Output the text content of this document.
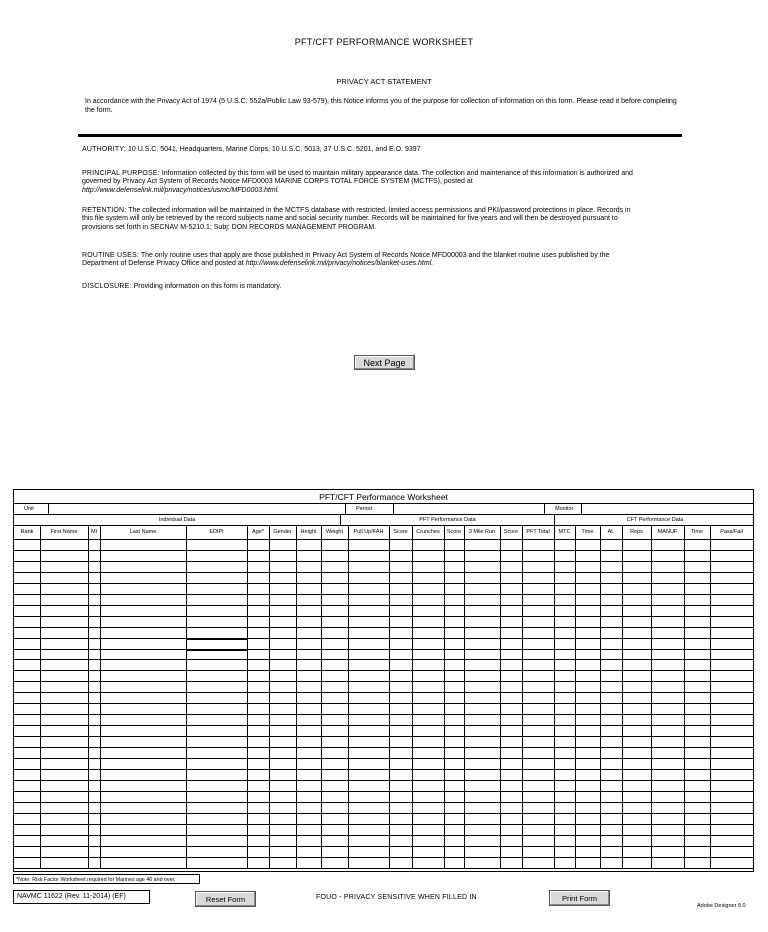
PFT/CFT PERFORMANCE WORKSHEET
PRIVACY ACT STATEMENT
In accordance with the Privacy Act of 1974 (5 U.S.C. 552a/Public Law 93-579), this Notice informs you of the purpose for collection of information on this form. Please read it before completing the form.
AUTHORITY: 10 U.S.C. 5041, Headquarters, Marine Corps, 10 U.S.C. 5013, 37 U.S.C. 5201, and E.O. 9397
PRINCIPAL PURPOSE: Information collected by this form will be used to maintain military appearance data. The collection and maintenance of this information is authorized and governed by Privacy Act System of Records Notice MFD0003 MARINE CORPS TOTAL FORCE SYSTEM (MCTFS), posted at http://www.defenselink.mil/privacy/notices/usmc/MFD0003.html.
RETENTION: The collected information will be maintained in the MCTFS database with restricted, limited access permissions and PKI/password protections in place. Records in this file system will only be retrieved by the record subjects name and social security number. Records will be maintained for five years and will then be destroyed pursuant to provisions set forth in SECNAV M-5210.1; Subj: DON RECORDS MANAGEMENT PROGRAM.
ROUTINE USES: The only routine uses that apply are those published in Privacy Act System of Records Notice MFD00003 and the blanket routine uses published by the Department of Defense Privacy Office and posted at http://www.defenselink.mil/privacy/notices/blanket-uses.html.
DISCLOSURE: Providing information on this form is mandatory.
Next Page
PFT/CFT Performance Worksheet
Unit	Period	Monitor
Individual Data	PFT Performance Data	CFT Performance Data
Rank	First Name	MI	Last Name	EDIPI	Age*	Gender	Height	Weight	Pull Up/FAH	Score	Crunches	Score	3 Mile Run	Score	PFT Total	MTC	Time	AL	Reps	MANUF	Time	Pass/Fail
*Note: Risk Factor Worksheet required for Marines age 46 and over.
NAVMC 11622 (Rev. 11-2014) (EF)	Reset Form	FOUO - PRIVACY SENSITIVE WHEN FILLED IN	Print Form
Adobe Designer 8.0
